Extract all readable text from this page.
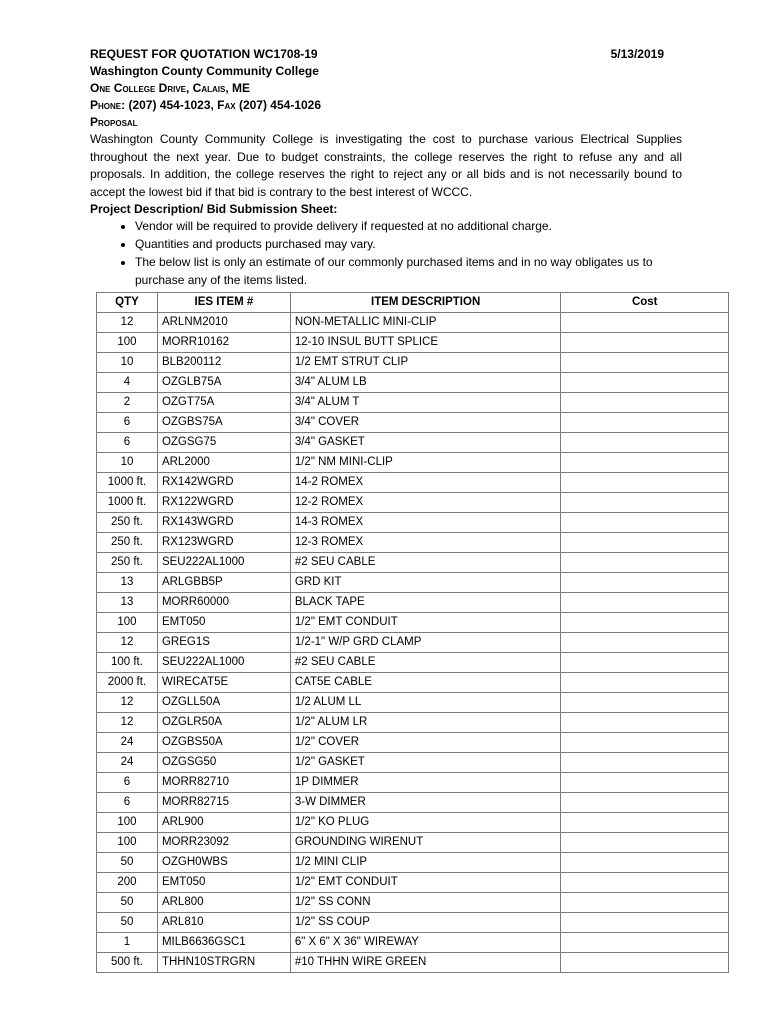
REQUEST FOR QUOTATION WC1708-19	5/13/2019
Washington County Community College
One College Drive, Calais, ME
Phone: (207) 454-1023, Fax (207) 454-1026
Proposal

Washington County Community College is investigating the cost to purchase various Electrical Supplies throughout the next year. Due to budget constraints, the college reserves the right to refuse any and all proposals. In addition, the college reserves the right to reject any or all bids and is not necessarily bound to accept the lowest bid if that bid is contrary to the best interest of WCCC.

Project Description/ Bid Submission Sheet:
• Vendor will be required to provide delivery if requested at no additional charge.
• Quantities and products purchased may vary.
• The below list is only an estimate of our commonly purchased items and in no way obligates us to purchase any of the items listed.
QTY	IES ITEM #	ITEM DESCRIPTION	Cost
12	ARLNM2010	NON-METALLIC MINI-CLIP	
100	MORR10162	12-10 INSUL BUTT SPLICE	
10	BLB200112	1/2 EMT STRUT CLIP	
4	OZGLB75A	3/4" ALUM LB	
2	OZGT75A	3/4" ALUM T	
6	OZGBS75A	3/4" COVER	
6	OZGSG75	3/4" GASKET	
10	ARL2000	1/2" NM MINI-CLIP	
1000 ft.	RX142WGRD	14-2 ROMEX	
1000 ft.	RX122WGRD	12-2 ROMEX	
250 ft.	RX143WGRD	14-3 ROMEX	
250 ft.	RX123WGRD	12-3 ROMEX	
250 ft.	SEU222AL1000	#2 SEU CABLE	
13	ARLGBB5P	GRD KIT	
13	MORR60000	BLACK TAPE	
100	EMT050	1/2" EMT CONDUIT	
12	GREG1S	1/2-1" W/P GRD CLAMP	
100 ft.	SEU222AL1000	#2 SEU CABLE	
2000 ft.	WIRECAT5E	CAT5E CABLE	
12	OZGLL50A	1/2 ALUM LL	
12	OZGLR50A	1/2" ALUM LR	
24	OZGBS50A	1/2" COVER	
24	OZGSG50	1/2" GASKET	
6	MORR82710	1P DIMMER	
6	MORR82715	3-W DIMMER	
100	ARL900	1/2" KO PLUG	
100	MORR23092	GROUNDING WIRENUT	
50	OZGH0WBS	1/2 MINI CLIP	
200	EMT050	1/2" EMT CONDUIT	
50	ARL800	1/2" SS CONN	
50	ARL810	1/2" SS COUP	
1	MILB6636GSC1	6" X 6" X 36" WIREWAY	
500 ft.	THHN10STRGRN	#10 THHN WIRE GREEN	
